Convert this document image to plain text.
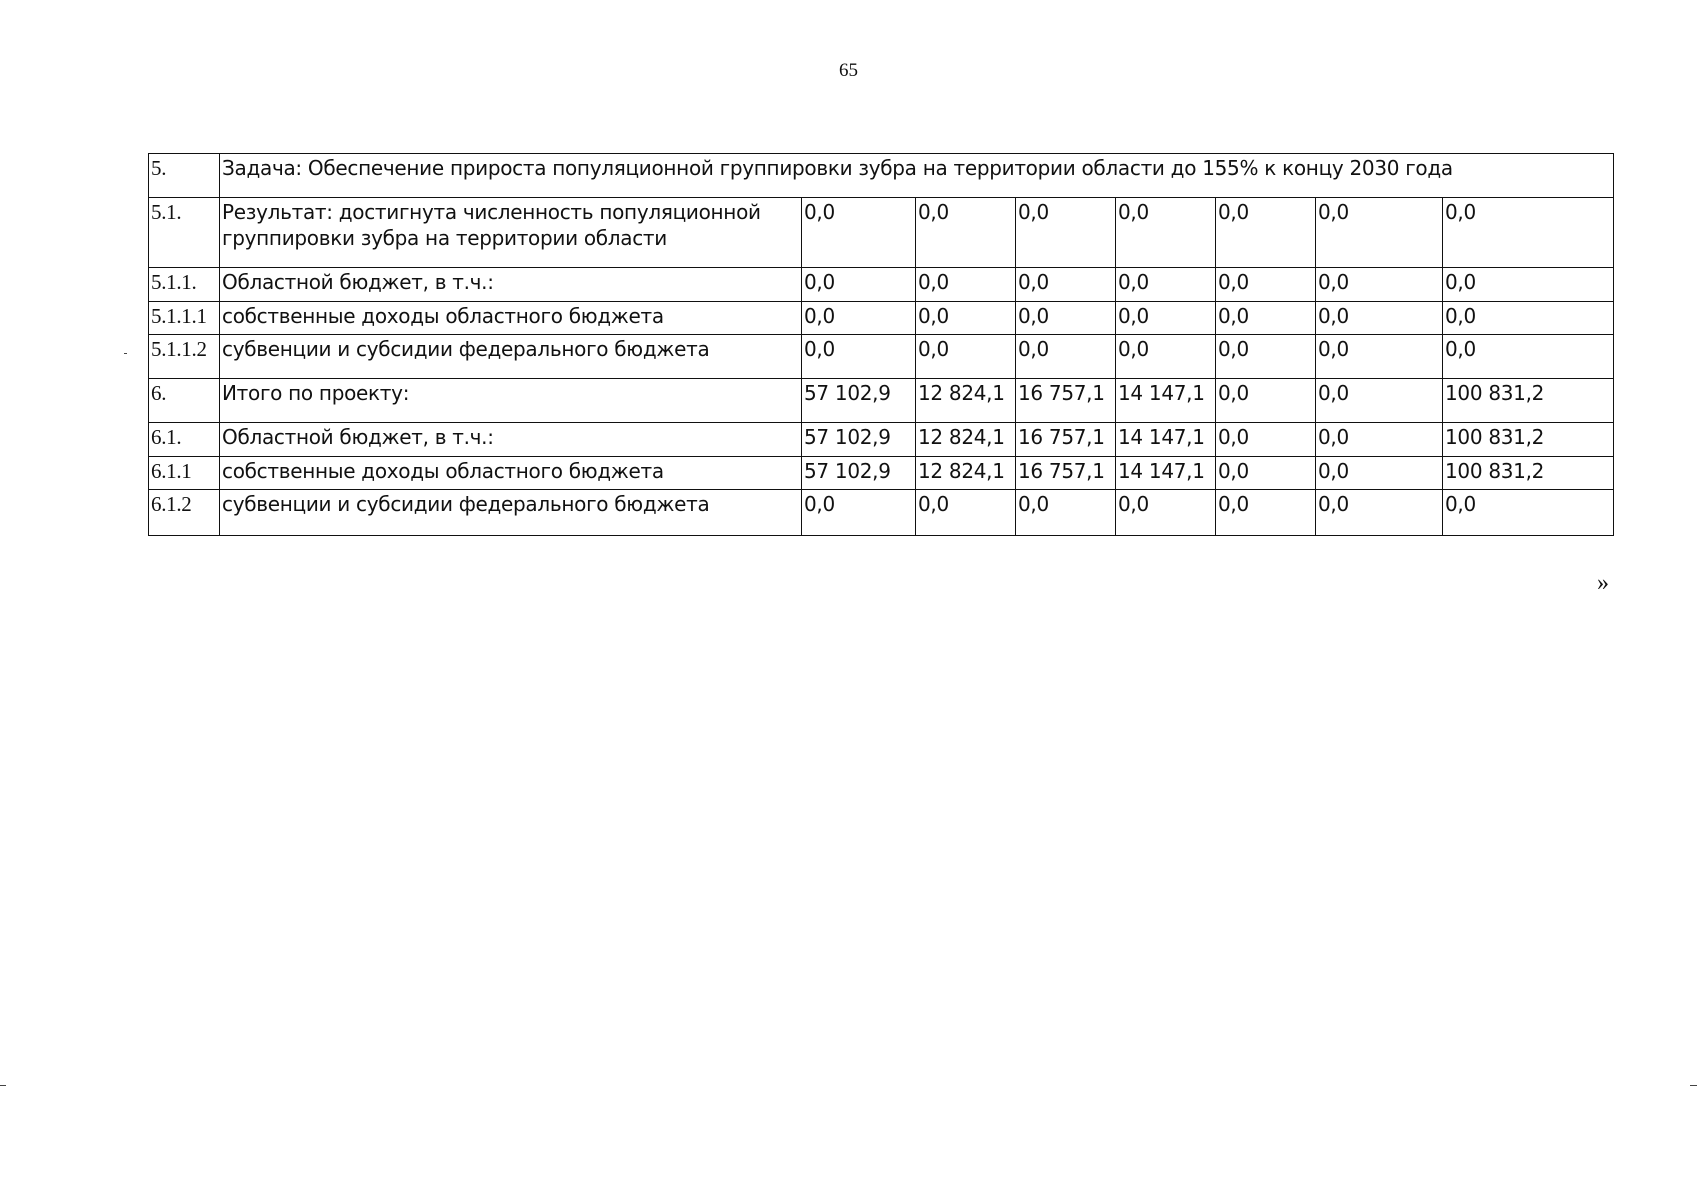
65
5.	Задача: Обеспечение прироста популяционной группировки зубра на территории области до 155% к концу 2030 года							
5.1.	Результат: достигнута численность популяционной группировки зубра на территории области	0,0	0,0	0,0	0,0	0,0	0,0	0,0
5.1.1.	Областной бюджет, в т.ч.:	0,0	0,0	0,0	0,0	0,0	0,0	0,0
5.1.1.1	собственные доходы областного бюджета	0,0	0,0	0,0	0,0	0,0	0,0	0,0
5.1.1.2	субвенции и субсидии федерального бюджета	0,0	0,0	0,0	0,0	0,0	0,0	0,0
6.	Итого по проекту:	57 102,9	12 824,1	16 757,1	14 147,1	0,0	0,0	100 831,2
6.1.	Областной бюджет, в т.ч.:	57 102,9	12 824,1	16 757,1	14 147,1	0,0	0,0	100 831,2
6.1.1	собственные доходы областного бюджета	57 102,9	12 824,1	16 757,1	14 147,1	0,0	0,0	100 831,2
6.1.2	субвенции и субсидии федерального бюджета	0,0	0,0	0,0	0,0	0,0	0,0	0,0
»
